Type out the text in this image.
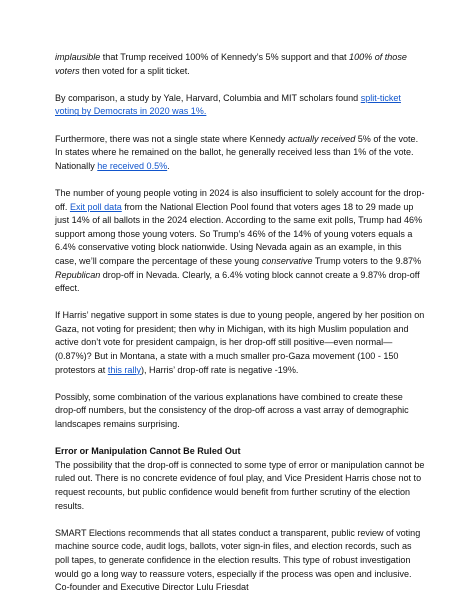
implausible that Trump received 100% of Kennedy’s 5% support and that 100% of those voters then voted for a split ticket.

By comparison, a study by Yale, Harvard, Columbia and MIT scholars found split-ticket voting by Democrats in 2020 was 1%.

Furthermore, there was not a single state where Kennedy actually received 5% of the vote. In states where he remained on the ballot, he generally received less than 1% of the vote. Nationally he received 0.5%.

The number of young people voting in 2024 is also insufficient to solely account for the drop-off. Exit poll data from the National Election Pool found that voters ages 18 to 29 made up just 14% of all ballots in the 2024 election. According to the same exit polls, Trump had 46% support among those young voters. So Trump’s 46% of the 14% of young voters equals a 6.4% conservative voting block nationwide. Using Nevada again as an example, in this case, we’ll compare the percentage of these young conservative Trump voters to the 9.87% Republican drop-off in Nevada. Clearly, a 6.4% voting block cannot create a 9.87% drop-off effect.

If Harris’ negative support in some states is due to young people, angered by her position on Gaza, not voting for president; then why in Michigan, with its high Muslim population and active don’t vote for president campaign, is her drop-off still positive—even normal— (0.87%)? But in Montana, a state with a much smaller pro-Gaza movement (100 - 150 protestors at this rally), Harris’ drop-off rate is negative -19%.

Possibly, some combination of the various explanations have combined to create these drop-off numbers, but the consistency of the drop-off across a vast array of demographic landscapes remains surprising.

Error or Manipulation Cannot Be Ruled Out

The possibility that the drop-off is connected to some type of error or manipulation cannot be ruled out. There is no concrete evidence of foul play, and Vice President Harris chose not to request recounts, but public confidence would benefit from further scrutiny of the election results.

SMART Elections recommends that all states conduct a transparent, public review of voting machine source code, audit logs, ballots, voter sign-in files, and election records, such as poll tapes, to generate confidence in the election results. This type of robust investigation would go a long way to reassure voters, especially if the process was open and inclusive. Co-founder and Executive Director Lulu Friesdat
